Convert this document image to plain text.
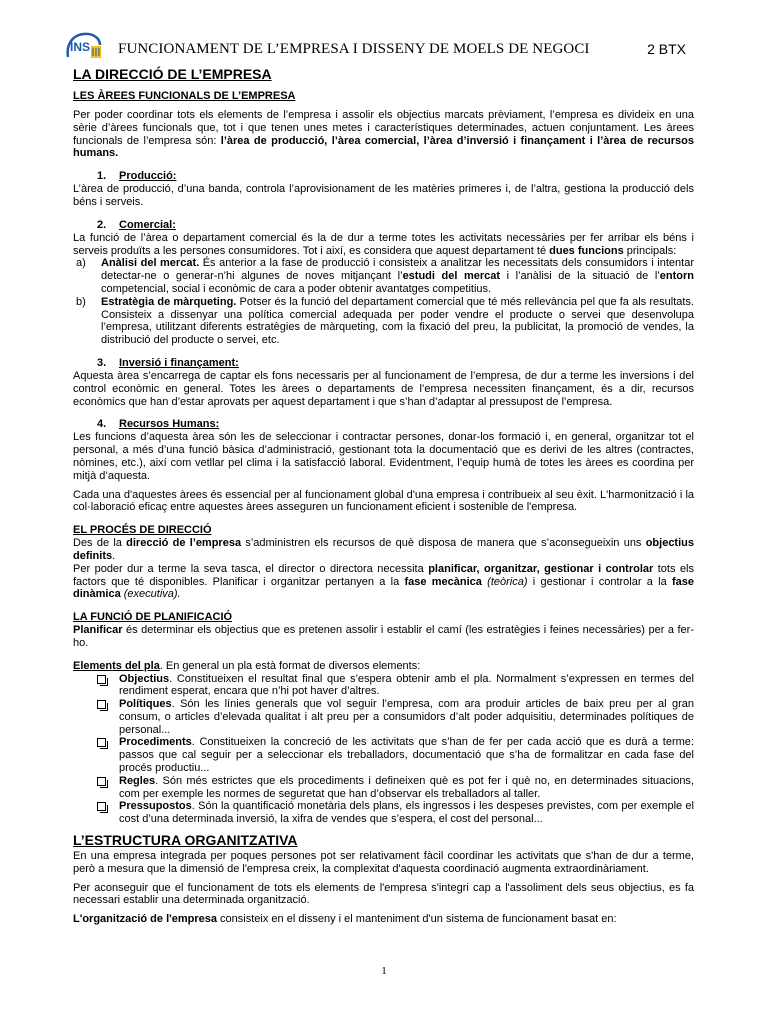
INS FUNCIONAMENT DE L’EMPRESA I DISSENY DE MOELS DE NEGOCI	2 BTX
LA DIRECCIÓ DE L’EMPRESA
LES ÀREES FUNCIONALS DE L’EMPRESA

Per poder coordinar tots els elements de l’empresa i assolir els objectius marcats prèviament, l’empresa es divideix en una sèrie d’àrees funcionals que, tot i que tenen unes metes i característiques determinades, actuen conjuntament. Les àrees funcionals de l’empresa són: l’àrea de producció, l’àrea comercial, l’àrea d’inversió i finançament i l’àrea de recursos humans.

1. Producció:

L’àrea de producció, d’una banda, controla l’aprovisionament de les matèries primeres i, de l’altra, gestiona la producció dels béns i serveis.

2. Comercial:

La funció de l’àrea o departament comercial és la de dur a terme totes les activitats necessàries per fer arribar els béns i serveis produïts a les persones consumidores. Tot i així, es considera que aquest departament té dues funcions principals:

a)	Anàlisi del mercat. És anterior a la fase de producció i consisteix a analitzar les necessitats dels consumidors i intentar detectar-ne o generar-n’hi algunes de noves mitjançant l’estudi del mercat i l’anàlisi de la situació de l’entorn competencial, social i econòmic de cara a poder obtenir avantatges competitius.
b)	Estratègia de màrqueting. Potser és la funció del departament comercial que té més rellevància pel que fa als resultats. Consisteix a dissenyar una política comercial adequada per poder vendre el producte o servei que desenvolupa l’empresa, utilitzant diferents estratègies de màrqueting, com la fixació del preu, la publicitat, la promoció de vendes, la distribució del producte o servei, etc.
3. Inversió i finançament:

Aquesta àrea s’encarrega de captar els fons necessaris per al funcionament de l’empresa, de dur a terme les inversions i del control econòmic en general. Totes les àrees o departaments de l’empresa necessiten finançament, és a dir, recursos econòmics que han d’estar aprovats per aquest departament i que s’han d’adaptar al pressupost de l’empresa.

4. Recursos Humans:

Les funcions d’aquesta àrea són les de seleccionar i contractar persones, donar-los formació i, en general, organitzar tot el personal, a més d’una funció bàsica d’administració, gestionant tota la documentació que es derivi de les altres (contractes, nòmines, etc.), així com vetllar pel clima i la satisfacció laboral. Evidentment, l’equip humà de totes les àrees es coordina per mitjà d’aquesta.

Cada una d'aquestes àrees és essencial per al funcionament global d'una empresa i contribueix al seu èxit. L'harmonització i la col·laboració eficaç entre aquestes àrees asseguren un funcionament eficient i sostenible de l'empresa.

EL PROCÉS DE DIRECCIÓ

Des de la direcció de l’empresa s’administren els recursos de què disposa de manera que s’aconsegueixin uns objectius definits.

Per poder dur a terme la seva tasca, el director o directora necessita planificar, organitzar, gestionar i controlar tots els factors que té disponibles. Planificar i organitzar pertanyen a la fase mecànica (teòrica) i gestionar i controlar a la fase dinàmica (executiva).

LA FUNCIÓ DE PLANIFICACIÓ

Planificar és determinar els objectius que es pretenen assolir i establir el camí (les estratègies i feines necessàries) per a fer-ho.

Elements del pla. En general un pla està format de diversos elements:

Objectius. Constitueixen el resultat final que s’espera obtenir amb el pla. Normalment s’expressen en termes del rendiment esperat, encara que n’hi pot haver d’altres.
Polítiques. Són les línies generals que vol seguir l’empresa, com ara produir articles de baix preu per al gran consum, o articles d’elevada qualitat i alt preu per a consumidors d’alt poder adquisitiu, determinades polítiques de personal...
Procediments. Constitueixen la concreció de les activitats que s’han de fer per cada acció que es durà a terme: passos que cal seguir per a seleccionar els treballadors, documentació que s’ha de formalitzar en cada fase del procés productiu...
Regles. Són més estrictes que els procediments i defineixen què es pot fer i què no, en determinades situacions, com per exemple les normes de seguretat que han d’observar els treballadors al taller.
Pressupostos. Són la quantificació monetària dels plans, els ingressos i les despeses previstes, com per exemple el cost d’una determinada inversió, la xifra de vendes que s’espera, el cost del personal...
L’ESTRUCTURA ORGANITZATIVA

En una empresa integrada per poques persones pot ser relativament fàcil coordinar les activitats que s'han de dur a terme, però a mesura que la dimensió de l'empresa creix, la complexitat d'aquesta coordinació augmenta extraordinàriament.

Per aconseguir que el funcionament de tots els elements de l'empresa s'integri cap a l'assoliment dels seus objectius, es fa necessari establir una determinada organització.

L'organització de l'empresa consisteix en el disseny i el manteniment d'un sistema de funcionament basat en:

1
